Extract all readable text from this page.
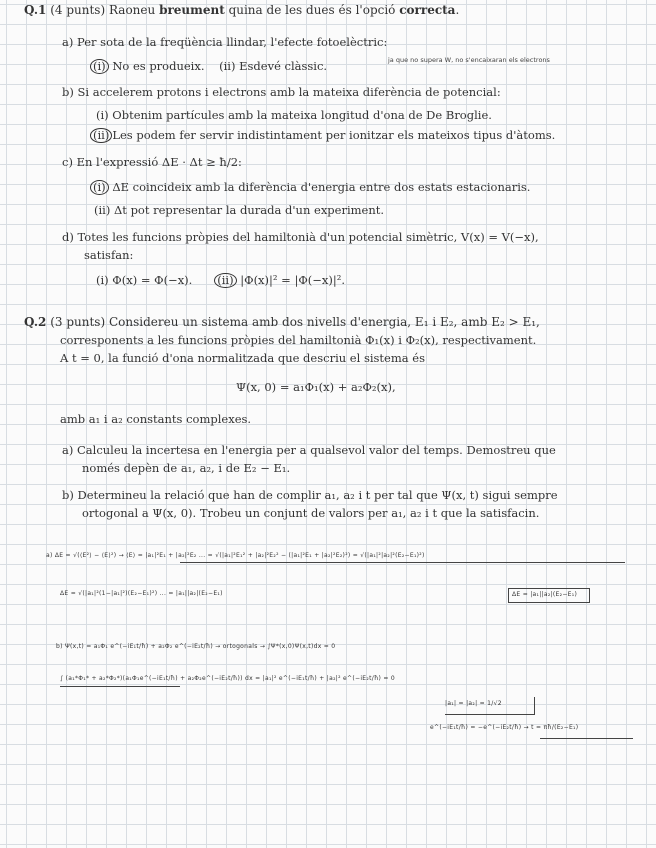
Q.1 (4 punts) Raoneu breument quina de les dues és l'opció correcta.
a) Per sota de la freqüència llindar, l'efecte fotoelèctric:
(i) No es produeix. (ii) Esdevé clàssic.	ja que no supera W, no s'encaixaran els electrons
b) Si accelerem protons i electrons amb la mateixa diferència de potencial:
(i) Obtenim partícules amb la mateixa longitud d'ona de De Broglie.
(ii) Les podem fer servir indistintament per ionitzar els mateixos tipus d'àtoms.
c) En l'expressió ΔE · Δt ≥ ħ/2:
(i) ΔE coincideix amb la diferència d'energia entre dos estats estacionaris.
(ii) Δt pot representar la durada d'un experiment.
d) Totes les funcions pròpies del hamiltonià d'un potencial simètric, V(x) = V(−x),
satisfan:
(i) Φ(x) = Φ(−x). (ii) |Φ(x)|² = |Φ(−x)|².
Q.2 (3 punts) Considereu un sistema amb dos nivells d'energia, E₁ i E₂, amb E₂ > E₁,
corresponents a les funcions pròpies del hamiltonià Φ₁(x) i Φ₂(x), respectivament.
A t = 0, la funció d'ona normalitzada que descriu el sistema és
Ψ(x, 0) = a₁Φ₁(x) + a₂Φ₂(x),
amb a₁ i a₂ constants complexes.
a) Calculeu la incertesa en l'energia per a qualsevol valor del temps. Demostreu que
només depèn de a₁, a₂, i de E₂ − E₁.
b) Determineu la relació que han de complir a₁, a₂ i t per tal que Ψ(x, t) sigui sempre
ortogonal a Ψ(x, 0). Trobeu un conjunt de valors per a₁, a₂ i t que la satisfacin.
a) ΔE = √(⟨E²⟩ − ⟨E⟩²) → ⟨E⟩ = |a₁|²E₁ + |a₂|²E₂ ... = √(|a₁|²E₁² + |a₂|²E₂² − (|a₁|²E₁ + |a₂|²E₂)²) = √(|a₁|²|a₂|²(E₂−E₁)²)
ΔE = √(|a₁|²(1−|a₁|²)(E₂−E₁)²) ... = |a₁||a₂|(E₂−E₁)	ΔE = |a₁||a₂|(E₂−E₁)
b) Ψ(x,t) = a₁Φ₁ e^(−iE₁t/ħ) + a₂Φ₂ e^(−iE₂t/ħ) → ortogonals → ∫Ψ*(x,0)Ψ(x,t)dx = 0
∫ (a₁*Φ₁* + a₂*Φ₂*)(a₁Φ₁e^(−iE₁t/ħ) + a₂Φ₂e^(−iE₂t/ħ)) dx = |a₁|² e^(−iE₁t/ħ) + |a₂|² e^(−iE₂t/ħ) = 0
|a₁| = |a₂| = 1/√2
e^(−iE₁t/ħ) = −e^(−iE₂t/ħ) → t = πħ/(E₂−E₁)
